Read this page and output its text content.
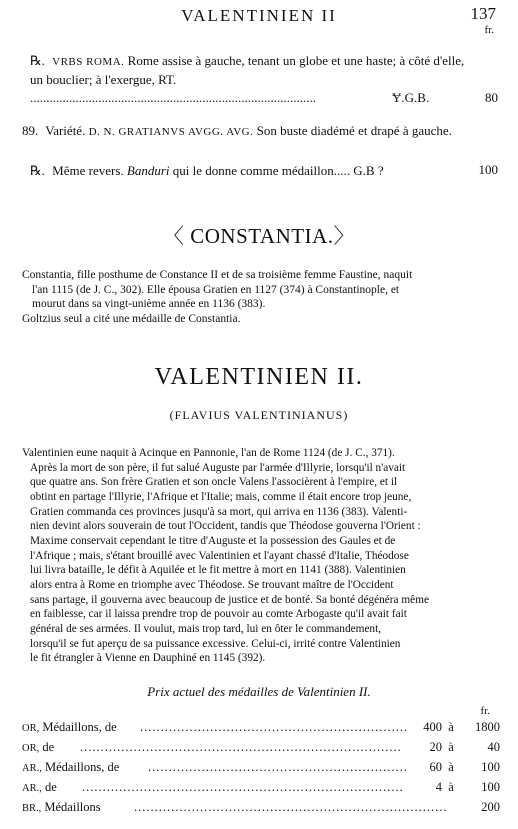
VALENTINIEN II	137
fr.
℞. VRBS ROMA. Rome assise à gauche, tenant un globe et une haste; à côté d'elle, un bouclier; à l'exergue, RT.
........................................................................................	Ɏ.G.B.	80
89. Variété. D. N. GRATIANVS AVGG. AVG. Son buste diadémé et drapé à gauche.
℞. Même revers. Banduri qui le donne comme médaillon..... G.B ?	100
〈 CONSTANTIA.〉
Constantia, fille posthume de Constance II et de sa troisième femme Faustine, naquit
l'an 1115 (de J. C., 302). Elle épousa Gratien en 1127 (374) à Constantinople, et
mourut dans sa vingt-unième année en 1136 (383).
Goltzius seul a cité une médaille de Constantia.
VALENTINIEN II.
(FLAVIUS VALENTINIANUS)

Valentinien eune naquit à Acinque en Pannonie, l'an de Rome 1124 (de J. C., 371).

Après la mort de son père, il fut salué Auguste par l'armée d'Illyrie, lorsqu'il n'avait

que quatre ans. Son frère Gratien et son oncle Valens l'associèrent à l'empire, et il

obtint en partage l'Illyrie, l'Afrique et l'Italie; mais, comme il était encore trop jeune,

Gratien commanda ces provinces jusqu'à sa mort, qui arriva en 1136 (383). Valenti-

nien devint alors souverain de tout l'Occident, tandis que Théodose gouverna l'Orient :

Maxime conservait cependant le titre d'Auguste et la possession des Gaules et de

l'Afrique ; mais, s'étant brouillé avec Valentinien et l'ayant chassé d'Italie, Théodose

lui livra bataille, le défit à Aquilée et le fit mettre à mort en 1141 (388). Valentinien

alors entra à Rome en triomphe avec Théodose. Se trouvant maître de l'Occident

sans partage, il gouverna avec beaucoup de justice et de bonté. Sa bonté dégénéra même

en faiblesse, car il laissa prendre trop de pouvoir au comte Arbogaste qu'il avait fait

général de ses armées. Il voulut, mais trop tard, lui en ôter le commandement,

lorsqu'il se fut aperçu de sa puissance excessive. Celui-ci, irrité contre Valentinien

le fit étrangler à Vienne en Dauphiné en 1145 (392).

Prix actuel des médailles de Valentinien II.
fr.
OR, Médaillons, de .................................................................	400 à	1800
OR, de ..............................................................................	20 à	40
AR., Médaillons, de ...............................................................	60 à	100
AR., de ..............................................................................	4 à	100
BR., Médaillons	............................................................................	200
